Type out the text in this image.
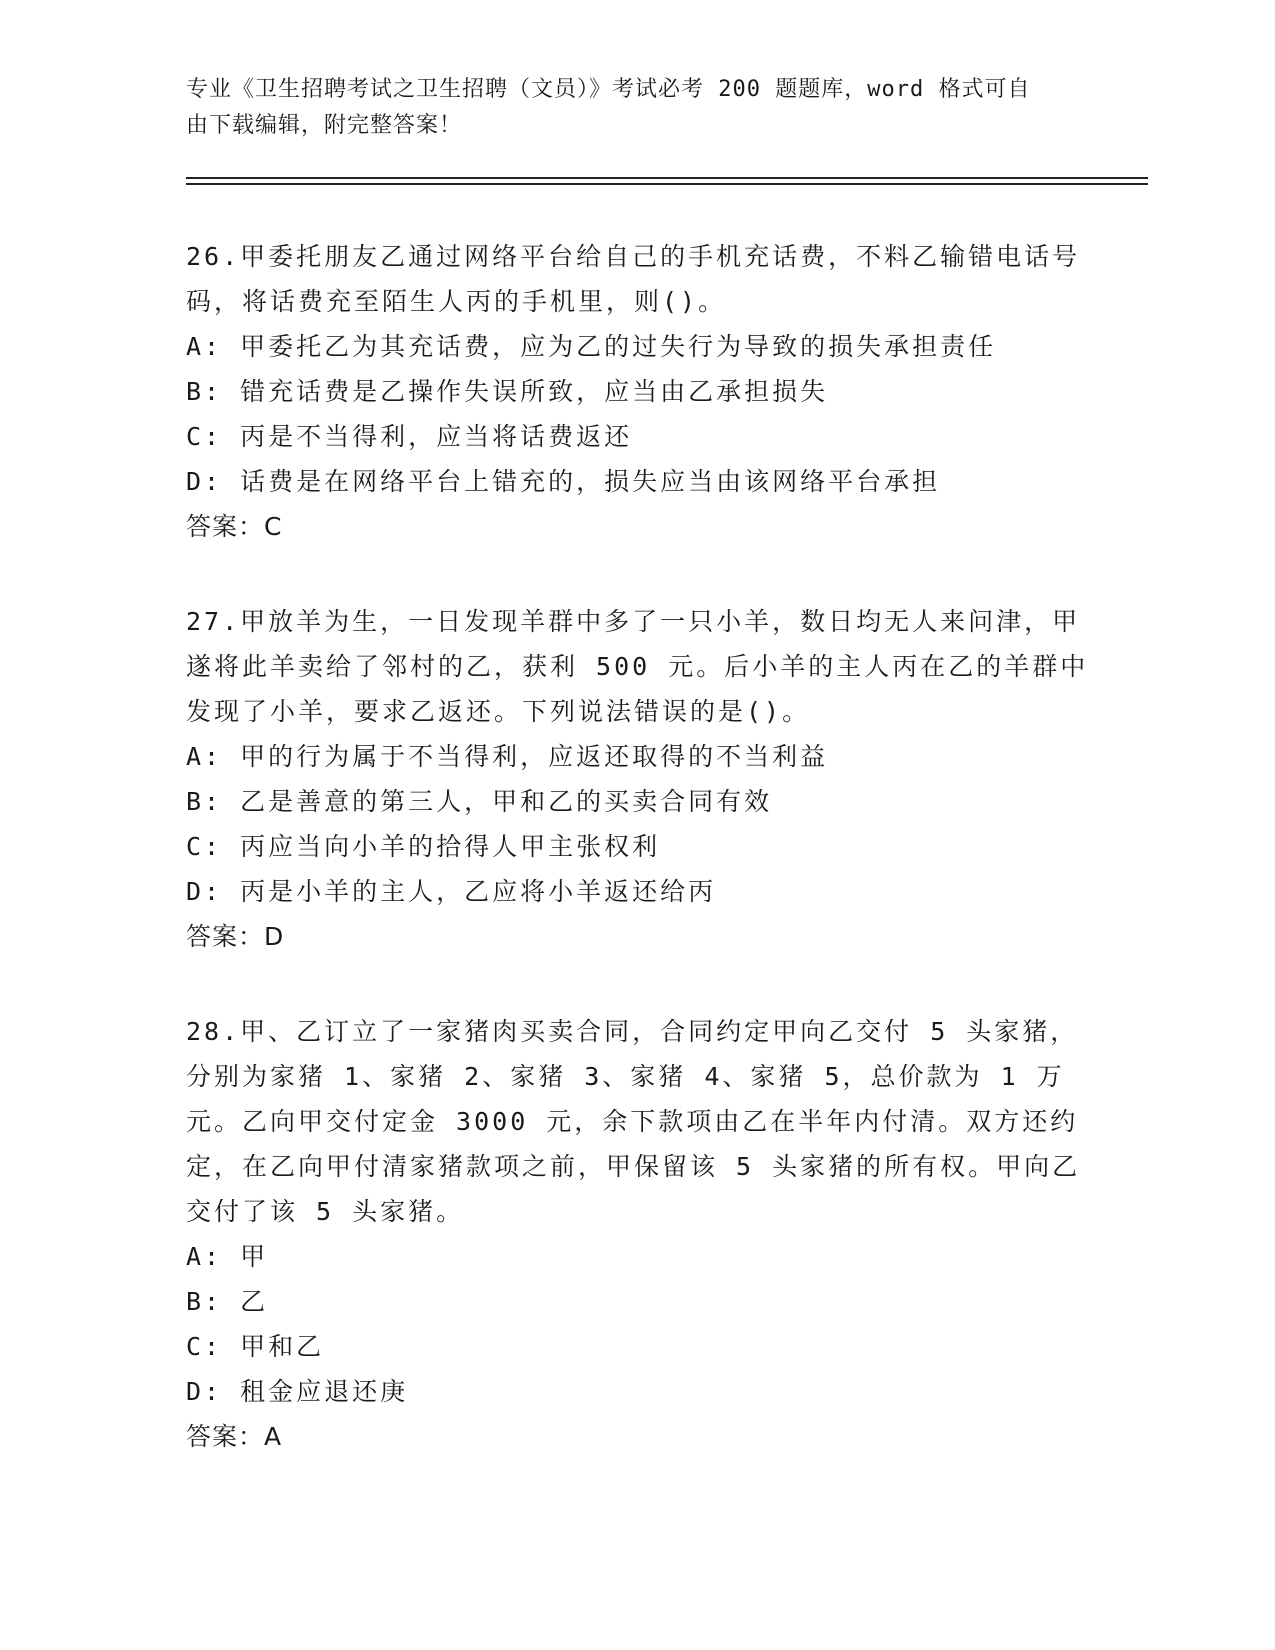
专业《卫生招聘考试之卫生招聘（文员）》考试必考 200 题题库，word 格式可自
由下载编辑，附完整答案！

26.甲委托朋友乙通过网络平台给自己的手机充话费，不料乙输错电话号码，将话费充至陌生人丙的手机里，则()。

A: 甲委托乙为其充话费，应为乙的过失行为导致的损失承担责任

B: 错充话费是乙操作失误所致，应当由乙承担损失

C: 丙是不当得利，应当将话费返还

D: 话费是在网络平台上错充的，损失应当由该网络平台承担

答案：C

27.甲放羊为生，一日发现羊群中多了一只小羊，数日均无人来问津，甲遂将此羊卖给了邻村的乙，获利 500 元。后小羊的主人丙在乙的羊群中发现了小羊，要求乙返还。下列说法错误的是()。

A: 甲的行为属于不当得利，应返还取得的不当利益

B: 乙是善意的第三人，甲和乙的买卖合同有效

C: 丙应当向小羊的拾得人甲主张权利

D: 丙是小羊的主人，乙应将小羊返还给丙

答案：D

28.甲、乙订立了一家猪肉买卖合同，合同约定甲向乙交付 5 头家猪，分别为家猪 1、家猪 2、家猪 3、家猪 4、家猪 5，总价款为 1 万元。乙向甲交付定金 3000 元，余下款项由乙在半年内付清。双方还约定，在乙向甲付清家猪款项之前，甲保留该 5 头家猪的所有权。甲向乙交付了该 5 头家猪。

A: 甲

B: 乙

C: 甲和乙

D: 租金应退还庚

答案：A
